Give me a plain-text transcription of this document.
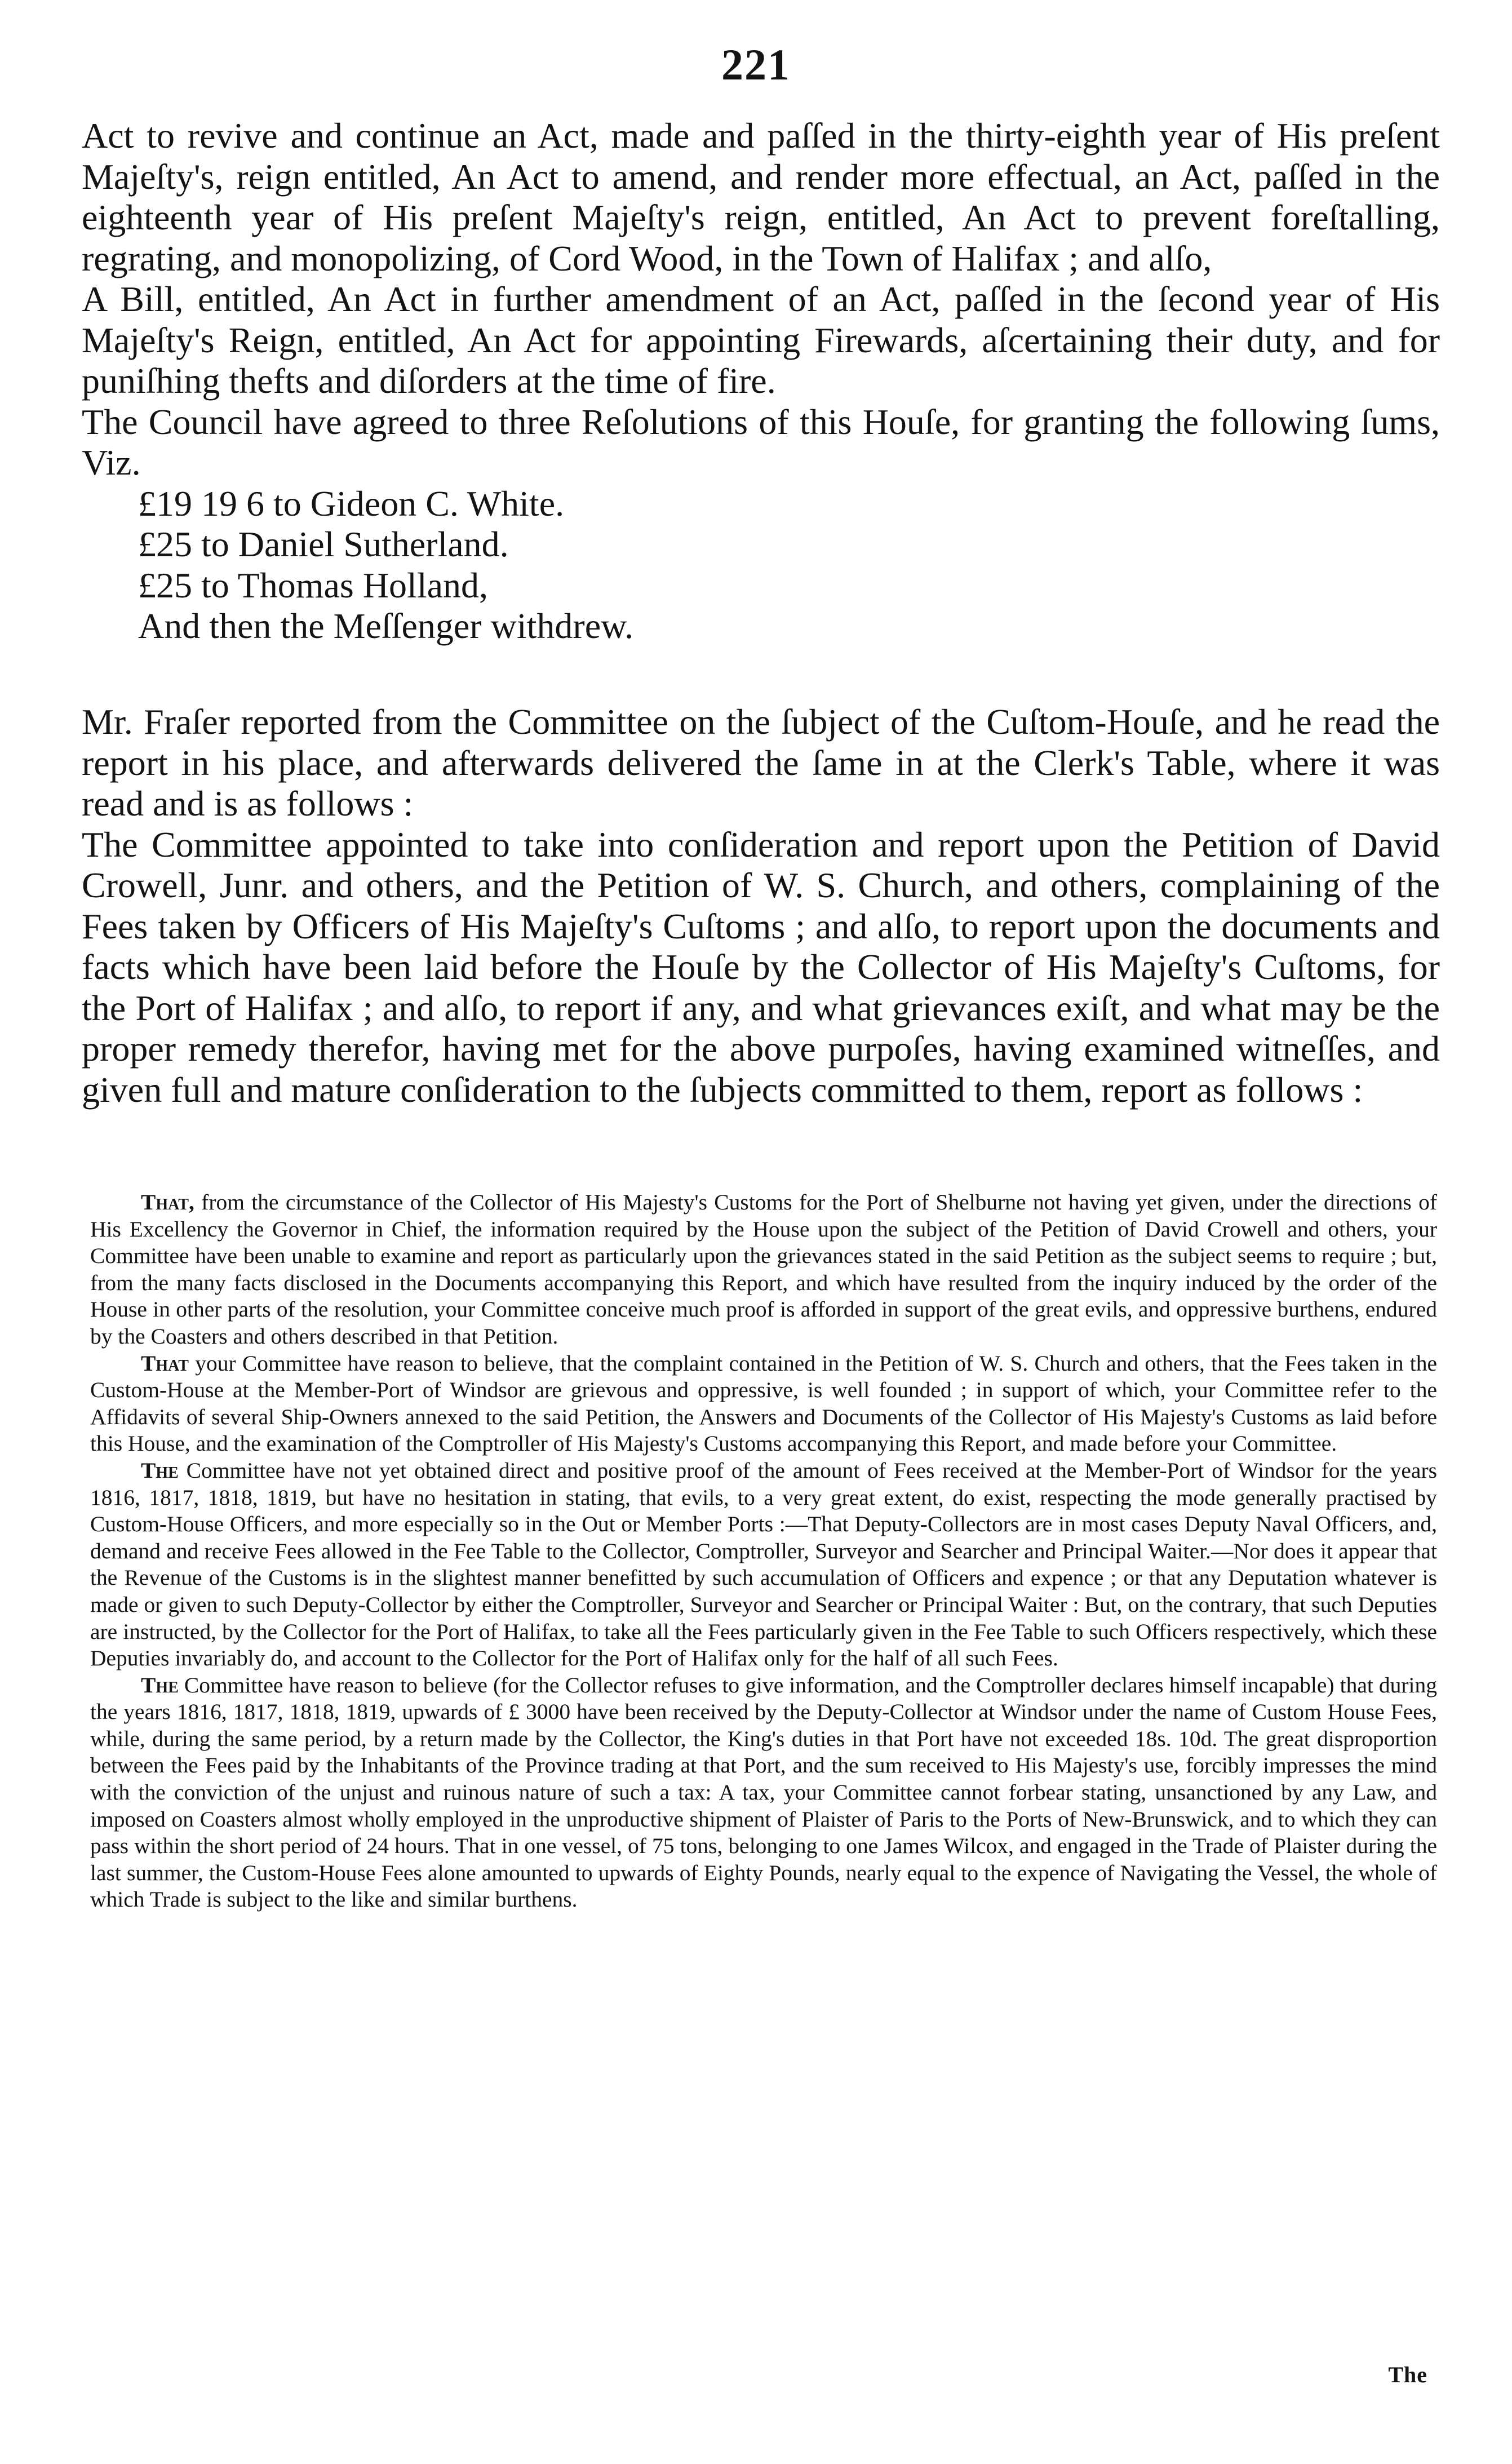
221

Act to revive and continue an Act, made and paſſed in the thirty-eighth year of His preſent Majeſty's, reign entitled, An Act to amend, and render more effectual, an Act, paſſed in the eighteenth year of His preſent Majeſty's reign, entitled, An Act to prevent foreſtalling, regrating, and monopolizing, of Cord Wood, in the Town of Halifax ; and alſo,

A Bill, entitled, An Act in further amendment of an Act, paſſed in the ſecond year of His Majeſty's Reign, entitled, An Act for appointing Firewards, aſcertaining their duty, and for puniſhing thefts and diſorders at the time of fire.

The Council have agreed to three Reſolutions of this Houſe, for granting the following ſums, Viz.

£19 19 6 to Gideon C. White.

£25 to Daniel Sutherland.

£25 to Thomas Holland,

And then the Meſſenger withdrew.

Mr. Fraſer reported from the Committee on the ſubject of the Cuſtom-Houſe, and he read the report in his place, and afterwards delivered the ſame in at the Clerk's Table, where it was read and is as follows :

The Committee appointed to take into conſideration and report upon the Petition of David Crowell, Junr. and others, and the Petition of W. S. Church, and others, complaining of the Fees taken by Officers of His Majeſty's Cuſtoms ; and alſo, to report upon the documents and facts which have been laid before the Houſe by the Collector of His Majeſty's Cuſtoms, for the Port of Halifax ; and alſo, to report if any, and what grievances exiſt, and what may be the proper remedy therefor, having met for the above purpoſes, having examined witneſſes, and given full and mature conſideration to the ſubjects committed to them, report as follows :

That, from the circumstance of the Collector of His Majesty's Customs for the Port of Shelburne not having yet given, under the directions of His Excellency the Governor in Chief, the information required by the House upon the subject of the Petition of David Crowell and others, your Committee have been unable to examine and report as particularly upon the grievances stated in the said Petition as the subject seems to require ; but, from the many facts disclosed in the Documents accompanying this Report, and which have resulted from the inquiry induced by the order of the House in other parts of the resolution, your Committee conceive much proof is afforded in support of the great evils, and oppressive burthens, endured by the Coasters and others described in that Petition.

That your Committee have reason to believe, that the complaint contained in the Petition of W. S. Church and others, that the Fees taken in the Custom-House at the Member-Port of Windsor are grievous and oppressive, is well founded ; in support of which, your Committee refer to the Affidavits of several Ship-Owners annexed to the said Petition, the Answers and Documents of the Collector of His Majesty's Customs as laid before this House, and the examination of the Comptroller of His Majesty's Customs accompanying this Report, and made before your Committee.

The Committee have not yet obtained direct and positive proof of the amount of Fees received at the Member-Port of Windsor for the years 1816, 1817, 1818, 1819, but have no hesitation in stating, that evils, to a very great extent, do exist, respecting the mode generally practised by Custom-House Officers, and more especially so in the Out or Member Ports :—That Deputy-Collectors are in most cases Deputy Naval Officers, and, demand and receive Fees allowed in the Fee Table to the Collector, Comptroller, Surveyor and Searcher and Principal Waiter.—Nor does it appear that the Revenue of the Customs is in the slightest manner benefitted by such accumulation of Officers and expence ; or that any Deputation whatever is made or given to such Deputy-Collector by either the Comptroller, Surveyor and Searcher or Principal Waiter : But, on the contrary, that such Deputies are instructed, by the Collector for the Port of Halifax, to take all the Fees particularly given in the Fee Table to such Officers respectively, which these Deputies invariably do, and account to the Collector for the Port of Halifax only for the half of all such Fees.

The Committee have reason to believe (for the Collector refuses to give information, and the Comptroller declares himself incapable) that during the years 1816, 1817, 1818, 1819, upwards of £ 3000 have been received by the Deputy-Collector at Windsor under the name of Custom House Fees, while, during the same period, by a return made by the Collector, the King's duties in that Port have not exceeded 18s. 10d. The great disproportion between the Fees paid by the Inhabitants of the Province trading at that Port, and the sum received to His Majesty's use, forcibly impresses the mind with the conviction of the unjust and ruinous nature of such a tax: A tax, your Committee cannot forbear stating, unsanctioned by any Law, and imposed on Coasters almost wholly employed in the unproductive shipment of Plaister of Paris to the Ports of New-Brunswick, and to which they can pass within the short period of 24 hours. That in one vessel, of 75 tons, belonging to one James Wilcox, and engaged in the Trade of Plaister during the last summer, the Custom-House Fees alone amounted to upwards of Eighty Pounds, nearly equal to the expence of Navigating the Vessel, the whole of which Trade is subject to the like and similar burthens.

The
